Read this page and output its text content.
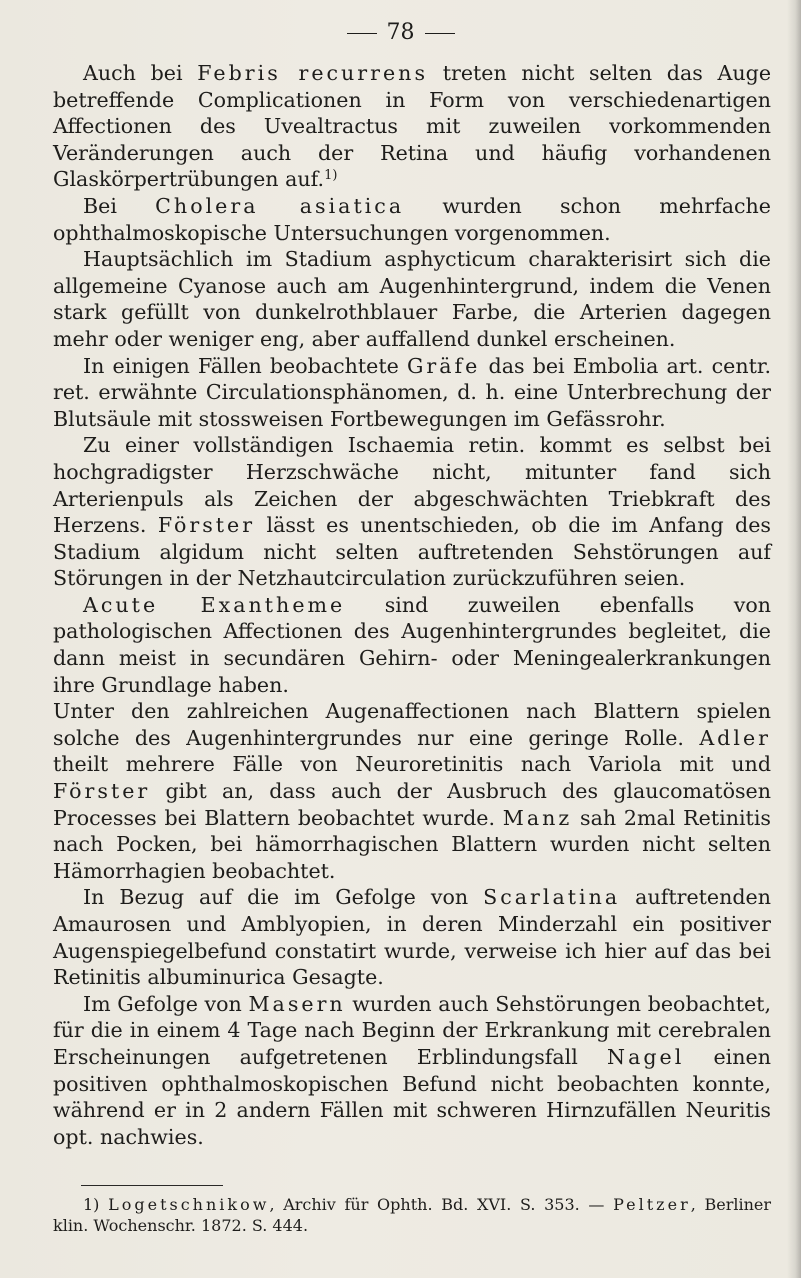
78

Auch bei Febris recurrens treten nicht selten das Auge betreffende Complicationen in Form von verschiedenartigen Affectionen des Uvealtractus mit zuweilen vorkommenden Veränderungen auch der Retina und häufig vorhandenen Glaskörpertrübungen auf.$^{1)}$

Bei Cholera asiatica wurden schon mehrfache ophthalmoskopische Untersuchungen vorgenommen.

Hauptsächlich im Stadium asphycticum charakterisirt sich die allgemeine Cyanose auch am Augenhintergrund, indem die Venen stark gefüllt von dunkelrothblauer Farbe, die Arterien dagegen mehr oder weniger eng, aber auffallend dunkel erscheinen.

In einigen Fällen beobachtete Gräfe das bei Embolia art. centr. ret. erwähnte Circulationsphänomen, d. h. eine Unterbrechung der Blutsäule mit stossweisen Fortbewegungen im Gefässrohr.

Zu einer vollständigen Ischaemia retin. kommt es selbst bei hochgradigster Herzschwäche nicht, mitunter fand sich Arterienpuls als Zeichen der abgeschwächten Triebkraft des Herzens. Förster lässt es unentschieden, ob die im Anfang des Stadium algidum nicht selten auftretenden Sehstörungen auf Störungen in der Netzhautcirculation zurückzuführen seien.

Acute Exantheme sind zuweilen ebenfalls von pathologischen Affectionen des Augenhintergrundes begleitet, die dann meist in secundären Gehirn- oder Meningealerkrankungen ihre Grundlage haben.

Unter den zahlreichen Augenaffectionen nach Blattern spielen solche des Augenhintergrundes nur eine geringe Rolle. Adler theilt mehrere Fälle von Neuroretinitis nach Variola mit und Förster gibt an, dass auch der Ausbruch des glaucomatösen Processes bei Blattern beobachtet wurde. Manz sah 2mal Retinitis nach Pocken, bei hämorrhagischen Blattern wurden nicht selten Hämorrhagien beobachtet.

In Bezug auf die im Gefolge von Scarlatina auftretenden Amaurosen und Amblyopien, in deren Minderzahl ein positiver Augenspiegelbefund constatirt wurde, verweise ich hier auf das bei Retinitis albuminurica Gesagte.

Im Gefolge von Masern wurden auch Sehstörungen beobachtet, für die in einem 4 Tage nach Beginn der Erkrankung mit cerebralen Erscheinungen aufgetretenen Erblindungsfall Nagel einen positiven ophthalmoskopischen Befund nicht beobachten konnte, während er in 2 andern Fällen mit schweren Hirnzufällen Neuritis opt. nachwies.

1) Logetschnikow, Archiv für Ophth. Bd. XVI. S. 353. — Peltzer, Berliner klin. Wochenschr. 1872. S. 444.
